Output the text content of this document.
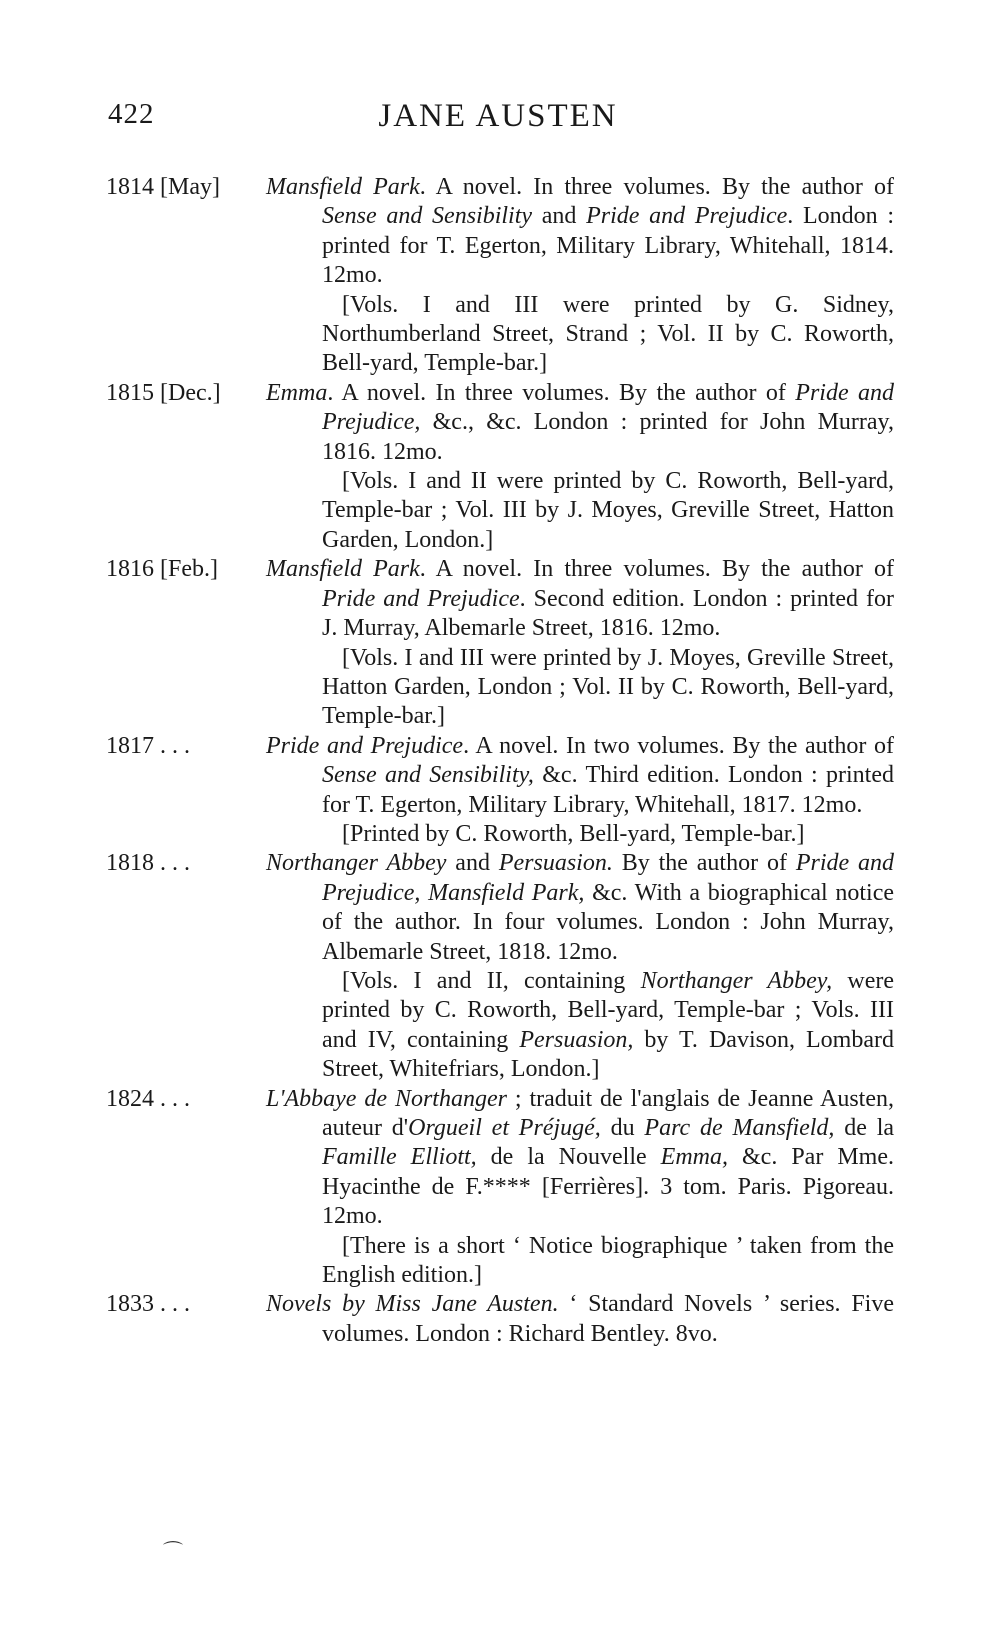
422	JANE AUSTEN
1814 [May]	Mansfield Park. A novel. In three volumes. By the author of Sense and Sensibility and Pride and Prejudice. London : printed for T. Egerton, Military Library, Whitehall, 1814. 12mo.
[Vols. I and III were printed by G. Sidney, Northumberland Street, Strand ; Vol. II by C. Roworth, Bell-yard, Temple-bar.]
1815 [Dec.]	Emma. A novel. In three volumes. By the author of Pride and Prejudice, &c., &c. London : printed for John Murray, 1816. 12mo.
[Vols. I and II were printed by C. Roworth, Bell-yard, Temple-bar ; Vol. III by J. Moyes, Greville Street, Hatton Garden, London.]
1816 [Feb.]	Mansfield Park. A novel. In three volumes. By the author of Pride and Prejudice. Second edition. London : printed for J. Murray, Albemarle Street, 1816. 12mo.
[Vols. I and III were printed by J. Moyes, Greville Street, Hatton Garden, London ; Vol. II by C. Roworth, Bell-yard, Temple-bar.]
1817 . . .	Pride and Prejudice. A novel. In two volumes. By the author of Sense and Sensibility, &c. Third edition. London : printed for T. Egerton, Military Library, Whitehall, 1817. 12mo.
[Printed by C. Roworth, Bell-yard, Temple-bar.]
1818 . . .	Northanger Abbey and Persuasion. By the author of Pride and Prejudice, Mansfield Park, &c. With a biographical notice of the author. In four volumes. London : John Murray, Albemarle Street, 1818. 12mo.
[Vols. I and II, containing Northanger Abbey, were printed by C. Roworth, Bell-yard, Temple-bar ; Vols. III and IV, containing Persuasion, by T. Davison, Lombard Street, Whitefriars, London.]
1824 . . .	L'Abbaye de Northanger ; traduit de l'anglais de Jeanne Austen, auteur d'Orgueil et Préjugé, du Parc de Mansfield, de la Famille Elliott, de la Nouvelle Emma, &c. Par Mme. Hyacinthe de F.**** [Ferrières]. 3 tom. Paris. Pigoreau. 12mo.
[There is a short ‘ Notice biographique ’ taken from the English edition.]
1833 . . .	Novels by Miss Jane Austen. ‘ Standard Novels ’ series. Five volumes. London : Richard Bentley. 8vo.
⌒
